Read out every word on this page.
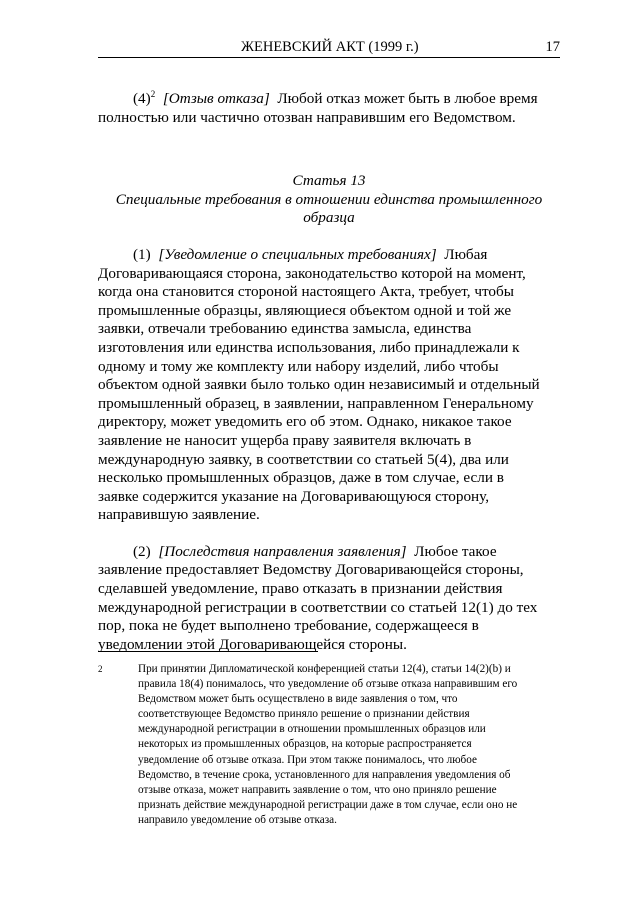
ЖЕНЕВСКИЙ АКТ (1999 г.)	17

$(4)^2$ [Отзыв отказа] Любой отказ может быть в любое время
полностью или частично отозван направившим его Ведомством.

Статья 13

Специальные требования в отношении единства промышленного

образца

(1) [Уведомление о специальных требованиях] Любая
Договаривающаяся сторона, законодательство которой на момент,
когда она становится стороной настоящего Акта, требует, чтобы
промышленные образцы, являющиеся объектом одной и той же
заявки, отвечали требованию единства замысла, единства
изготовления или единства использования, либо принадлежали к
одному и тому же комплекту или набору изделий, либо чтобы
объектом одной заявки было только один независимый и отдельный
промышленный образец, в заявлении, направленном Генеральному
директору, может уведомить его об этом. Однако, никакое такое
заявление не наносит ущерба праву заявителя включать в
международную заявку, в соответствии со статьей 5(4), два или
несколько промышленных образцов, даже в том случае, если в
заявке содержится указание на Договаривающуюся сторону,
направившую заявление.
(2) [Последствия направления заявления] Любое такое
заявление предоставляет Ведомству Договаривающейся стороны,
сделавшей уведомление, право отказать в признании действия
международной регистрации в соответствии со статьей 12(1) до тех
пор, пока не будет выполнено требование, содержащееся в
уведомлении этой Договаривающейся стороны.
2	При принятии Дипломатической конференцией статьи 12(4), статьи 14(2)(b) и
правила 18(4) понималось, что уведомление об отзыве отказа направившим его
Ведомством может быть осуществлено в виде заявления о том, что
соответствующее Ведомство приняло решение о признании действия
международной регистрации в отношении промышленных образцов или
некоторых из промышленных образцов, на которые распространяется
уведомление об отзыве отказа. При этом также понималось, что любое
Ведомство, в течение срока, установленного для направления уведомления об
отзыве отказа, может направить заявление о том, что оно приняло решение
признать действие международной регистрации даже в том случае, если оно не
направило уведомление об отзыве отказа.
